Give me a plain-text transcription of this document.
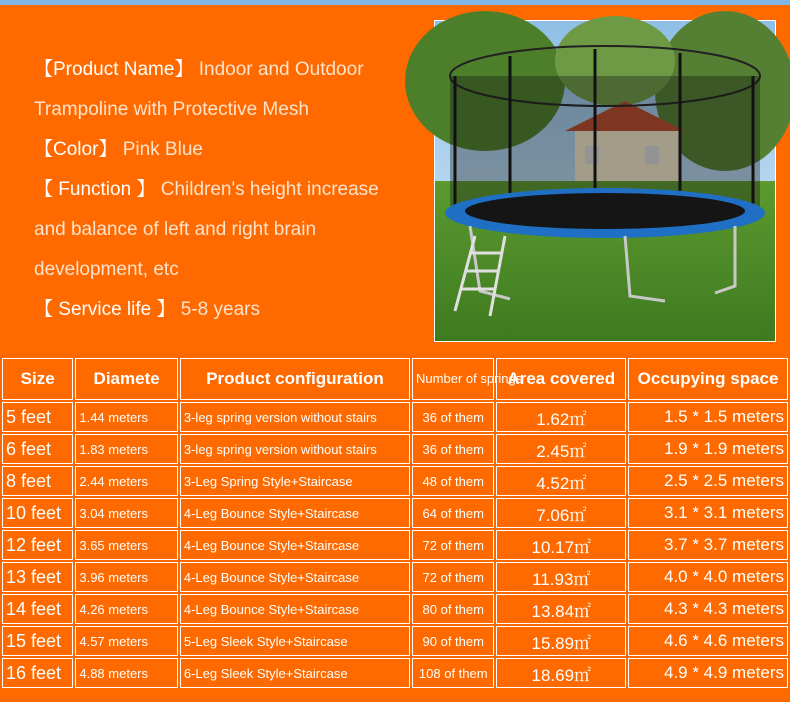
【Product Name】 Indoor and Outdoor
Trampoline with Protective Mesh
【Color】 Pink Blue
【 Function 】 Children's height increase
and balance of left and right brain
development, etc
【 Service life 】 5-8 years
Size	Diamete	Product configuration	Number of springs	Area covered	Occupying space
5 feet	1.44 meters	3-leg spring version without stairs	36 of them	1.62㎡	1.5 * 1.5 meters
6 feet	1.83 meters	3-leg spring version without stairs	36 of them	2.45㎡	1.9 * 1.9 meters
8 feet	2.44 meters	3-Leg Spring Style+Staircase	48 of them	4.52㎡	2.5 * 2.5 meters
10 feet	3.04 meters	4-Leg Bounce Style+Staircase	64 of them	7.06㎡	3.1 * 3.1 meters
12 feet	3.65 meters	4-Leg Bounce Style+Staircase	72 of them	10.17㎡	3.7 * 3.7 meters
13 feet	3.96 meters	4-Leg Bounce Style+Staircase	72 of them	11.93㎡	4.0 * 4.0 meters
14 feet	4.26 meters	4-Leg Bounce Style+Staircase	80 of them	13.84㎡	4.3 * 4.3 meters
15 feet	4.57 meters	5-Leg Sleek Style+Staircase	90 of them	15.89㎡	4.6 * 4.6 meters
16 feet	4.88 meters	6-Leg Sleek Style+Staircase	108 of them	18.69㎡	4.9 * 4.9 meters
